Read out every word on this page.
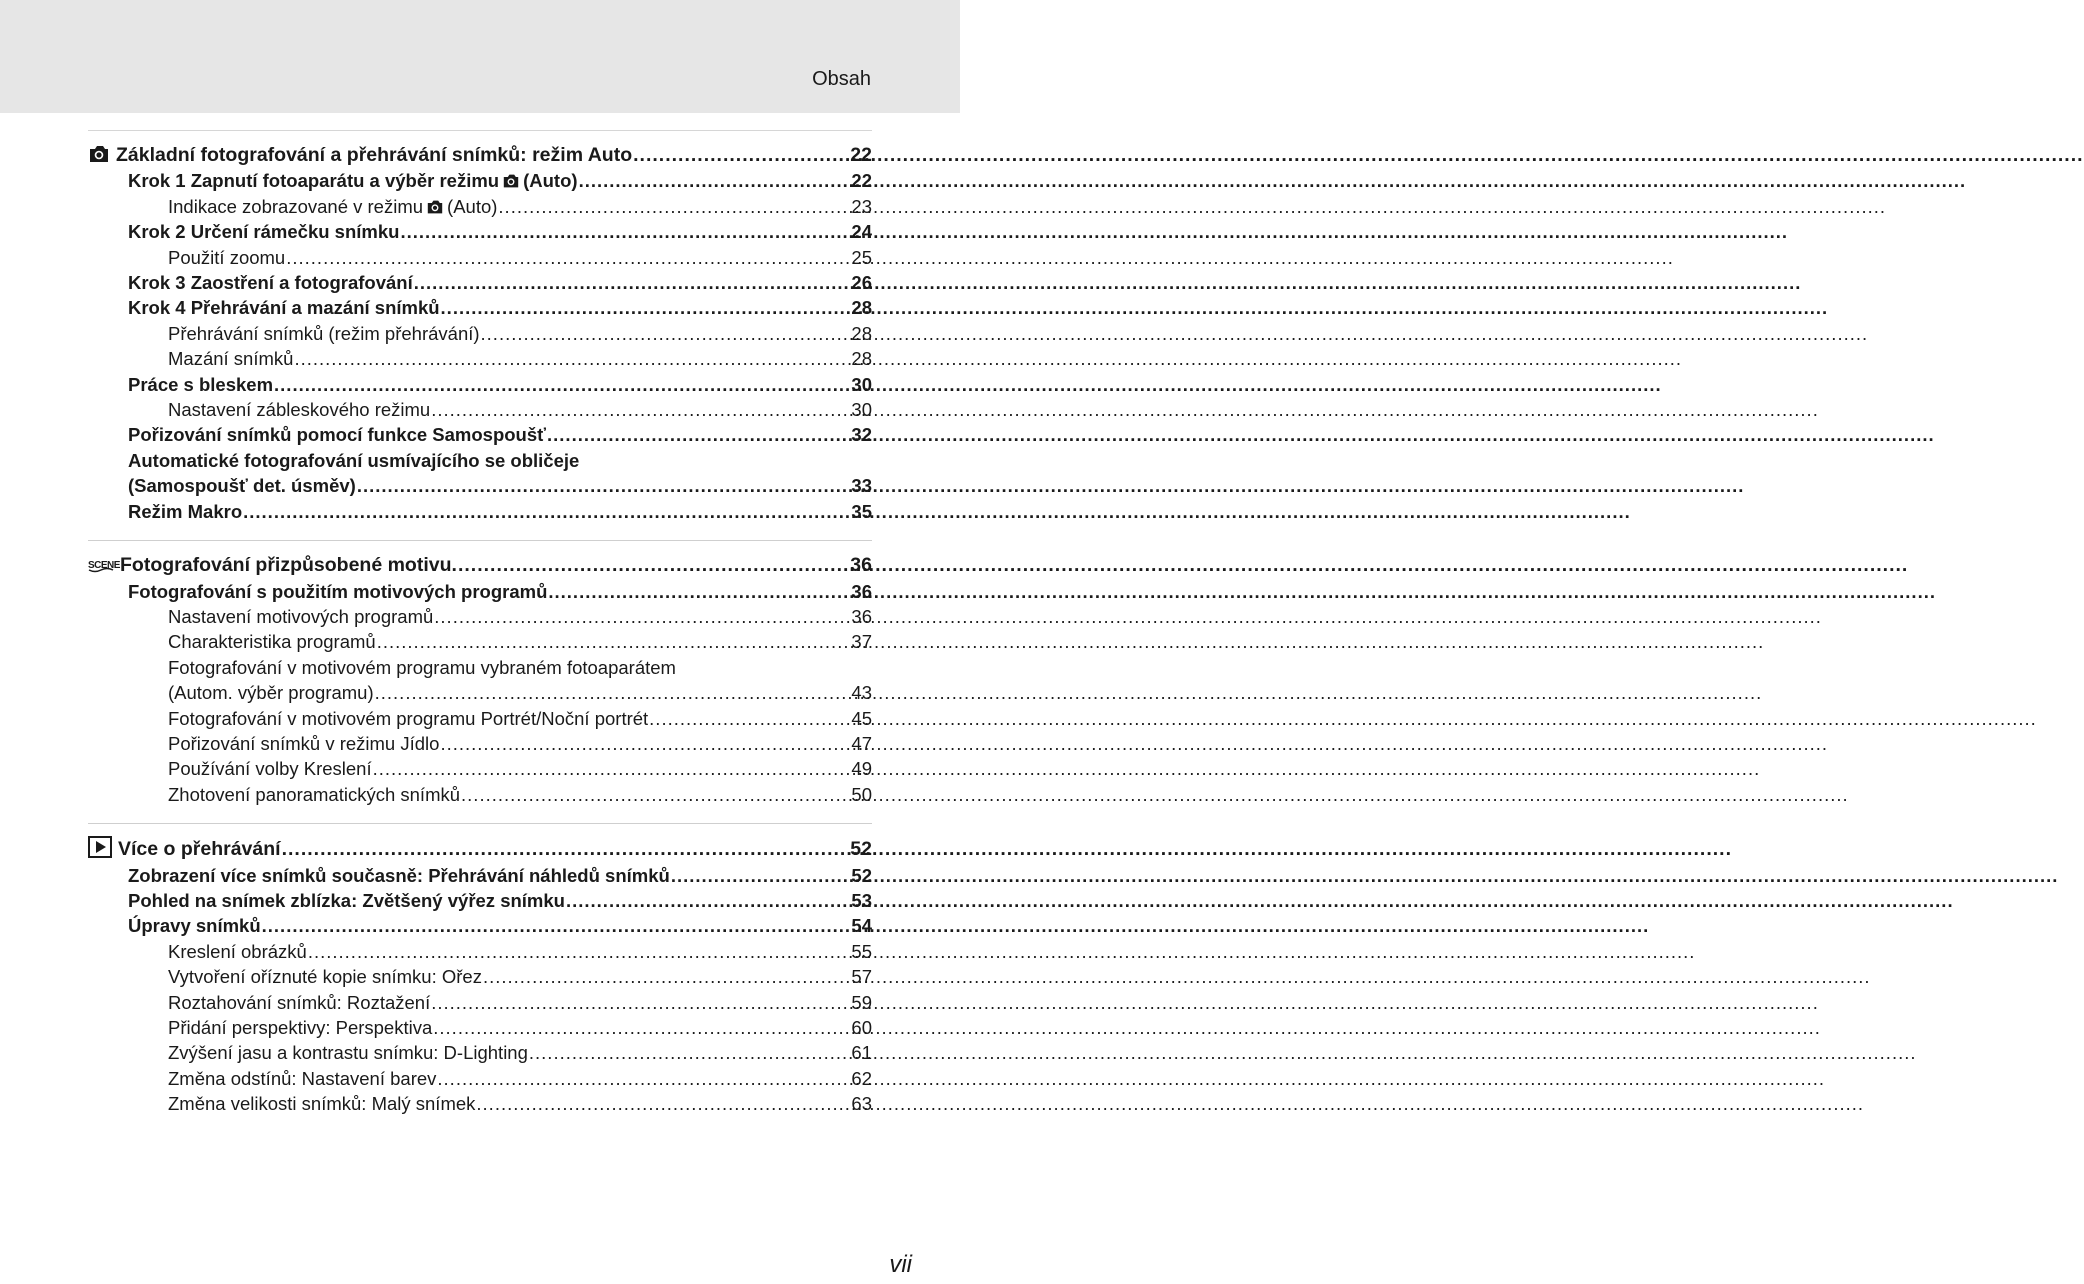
Obsah
Základní fotografování a přehrávání snímků: režim Auto .....	22
Krok 1 Zapnutí fotoaparátu a výběr režimu (Auto) .....	22
Indikace zobrazované v režimu (Auto) .....	23
Krok 2 Určení rámečku snímku .....	24
Použití zoomu .....	25
Krok 3 Zaostření a fotografování .....	26
Krok 4 Přehrávání a mazání snímků .....	28
Přehrávání snímků (režim přehrávání) .....	28
Mazání snímků .....	28
Práce s bleskem .....	30
Nastavení zábleskového režimu .....	30
Pořizování snímků pomocí funkce Samospoušť .....	32
Automatické fotografování usmívajícího se obličeje
(Samospoušť det. úsměv) .....	33
Režim Makro .....	35
SCENE Fotografování přizpůsobené motivu. .....	36
Fotografování s použitím motivových programů .....	36
Nastavení motivových programů .....	36
Charakteristika programů .....	37
Fotografování v motivovém programu vybraném fotoaparátem
(Autom. výběr programu) .....	43
Fotografování v motivovém programu Portrét/Noční portrét .....	45
Pořizování snímků v režimu Jídlo .....	47
Používání volby Kreslení .....	49
Zhotovení panoramatických snímků .....	50
Více o přehrávání .....	52
Zobrazení více snímků současně: Přehrávání náhledů snímků .....	52
Pohled na snímek zblízka: Zvětšený výřez snímku .....	53
Úpravy snímků .....	54
Kreslení obrázků .....	55
Vytvoření oříznuté kopie snímku: Ořez .....	57
Roztahování snímků: Roztažení .....	59
Přidání perspektivy: Perspektiva .....	60
Zvýšení jasu a kontrastu snímku: D-Lighting .....	61
Změna odstínů: Nastavení barev .....	62
Změna velikosti snímků: Malý snímek .....	63
vii
